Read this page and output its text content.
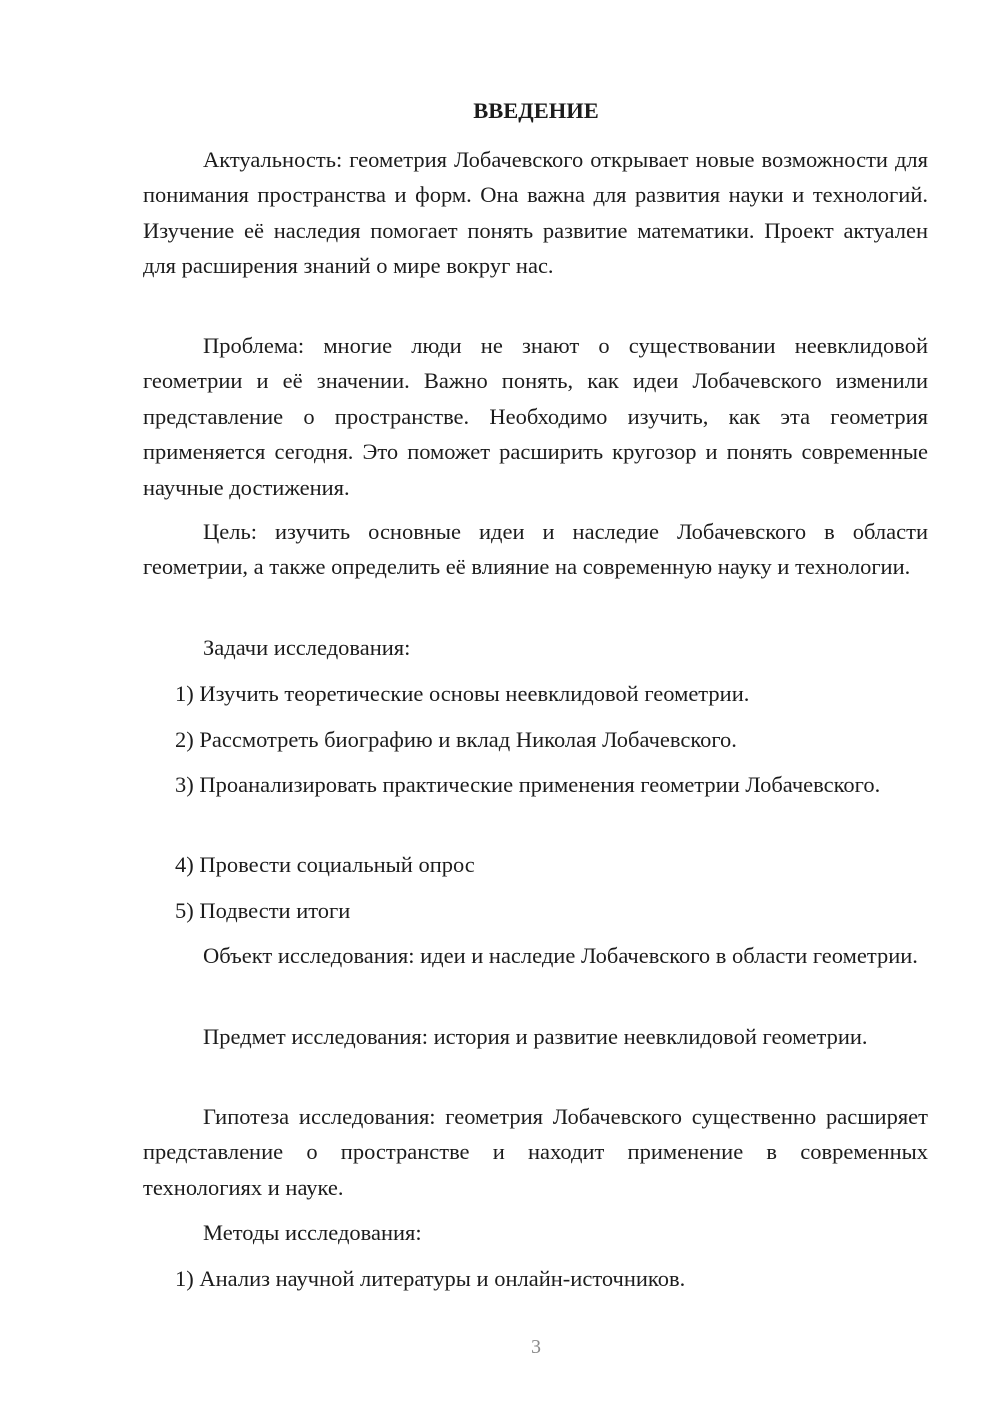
ВВЕДЕНИЕ

Актуальность: геометрия Лобачевского открывает новые возможности для понимания пространства и форм. Она важна для развития науки и технологий. Изучение её наследия помогает понять развитие математики. Проект актуален для расширения знаний о мире вокруг нас.

Проблема: многие люди не знают о существовании неевклидовой геометрии и её значении. Важно понять, как идеи Лобачевского изменили представление о пространстве. Необходимо изучить, как эта геометрия применяется сегодня. Это поможет расширить кругозор и понять современные научные достижения.

Цель: изучить основные идеи и наследие Лобачевского в области геометрии, а также определить её влияние на современную науку и технологии.

Задачи исследования:

1) Изучить теоретические основы неевклидовой геометрии.

2) Рассмотреть биографию и вклад Николая Лобачевского.

3) Проанализировать практические применения геометрии Лобачевского.

4) Провести социальный опрос

5) Подвести итоги

Объект исследования: идеи и наследие Лобачевского в области геометрии.

Предмет исследования: история и развитие неевклидовой геометрии.

Гипотеза исследования: геометрия Лобачевского существенно расширяет представление о пространстве и находит применение в современных технологиях и науке.

Методы исследования:

1) Анализ научной литературы и онлайн-источников.

3
